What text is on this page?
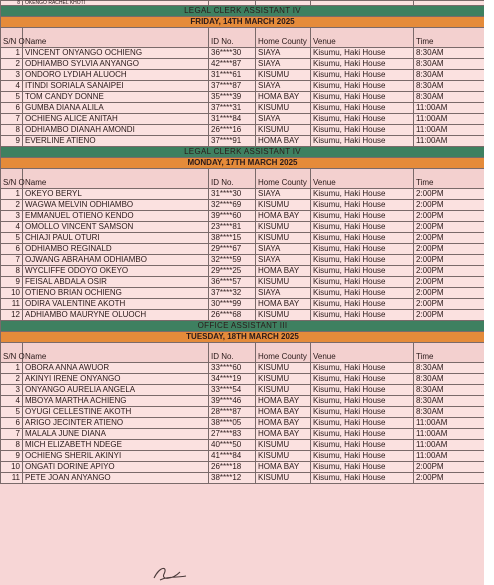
8	OKENGO RACHEL KHOTI				
LEGAL CLERK ASSISTANT IV					
FRIDAY, 14TH MARCH 2025					
S/N O	Name	ID No.	Home County	Venue	Time
1	VINCENT ONYANGO OCHIENG	36****30	SIAYA	Kisumu, Haki House	8:30AM
2	ODHIAMBO SYLVIA ANYANGO	42****87	SIAYA	Kisumu, Haki House	8:30AM
3	ONDORO LYDIAH ALUOCH	31****61	KISUMU	Kisumu, Haki House	8:30AM
4	ITINDI SORIALA SANAIPEI	37****87	SIAYA	Kisumu, Haki House	8:30AM
5	TOM CANDY DONNE	35****39	HOMA BAY	Kisumu, Haki House	8:30AM
6	GUMBA DIANA ALILA	37****31	KISUMU	Kisumu, Haki House	11:00AM
7	OCHIENG ALICE ANITAH	31****84	SIAYA	Kisumu, Haki House	11:00AM
8	ODHIAMBO DIANAH AMONDI	26****16	KISUMU	Kisumu, Haki House	11:00AM
9	EVERLINE ATIENO	37****91	HOMA BAY	Kisumu, Haki House	11:00AM
LEGAL CLERK ASSISTANT IV					
MONDAY, 17TH MARCH 2025					
S/N O	Name	ID No.	Home County	Venue	Time
1	OKEYO BERYL	31****30	SIAYA	Kisumu, Haki House	2:00PM
2	WAGWA MELVIN ODHIAMBO	32****69	KISUMU	Kisumu, Haki House	2:00PM
3	EMMANUEL OTIENO KENDO	39****60	HOMA BAY	Kisumu, Haki House	2:00PM
4	OMOLLO VINCENT SAMSON	23****81	KISUMU	Kisumu, Haki House	2:00PM
5	CHIAJI PAUL OTURI	38****15	KISUMU	Kisumu, Haki House	2:00PM
6	ODHIAMBO REGINALD	29****67	SIAYA	Kisumu, Haki House	2:00PM
7	OJWANG ABRAHAM ODHIAMBO	32****59	SIAYA	Kisumu, Haki House	2:00PM
8	WYCLIFFE ODOYO OKEYO	29****25	HOMA BAY	Kisumu, Haki House	2:00PM
9	FEISAL ABDALA OSIR	36****57	KISUMU	Kisumu, Haki House	2:00PM
10	OTIENO BRIAN OCHIENG	37****32	SIAYA	Kisumu, Haki House	2:00PM
11	ODIRA VALENTINE AKOTH	30****99	HOMA BAY	Kisumu, Haki House	2:00PM
12	ADHIAMBO MAURYNE OLUOCH	26****68	KISUMU	Kisumu, Haki House	2:00PM
OFFICE ASSISTANT III					
TUESDAY, 18TH MARCH 2025					
S/N O	Name	ID No.	Home County	Venue	Time
1	OBORA ANNA AWUOR	33****60	KISUMU	Kisumu, Haki House	8:30AM
2	AKINYI IRENE ONYANGO	34****19	KISUMU	Kisumu, Haki House	8:30AM
3	ONYANGO AURELIA ANGELA	33****54	KISUMU	Kisumu, Haki House	8:30AM
4	MBOYA MARTHA ACHIENG	39****46	HOMA BAY	Kisumu, Haki House	8:30AM
5	OYUGI CELLESTINE AKOTH	28****87	HOMA BAY	Kisumu, Haki House	8:30AM
6	ARIGO JECINTER ATIENO	38****05	HOMA BAY	Kisumu, Haki House	11:00AM
7	MALALA JUNE DIANA	27****83	HOMA BAY	Kisumu, Haki House	11:00AM
8	MICH ELIZABETH NDEGE	40****50	KISUMU	Kisumu, Haki House	11:00AM
9	OCHIENG SHERIL AKINYI	41****84	KISUMU	Kisumu, Haki House	11:00AM
10	ONGATI DORINE APIYO	26****18	HOMA BAY	Kisumu, Haki House	2:00PM
11	PETE JOAN ANYANGO	38****12	KISUMU	Kisumu, Haki House	2:00PM
